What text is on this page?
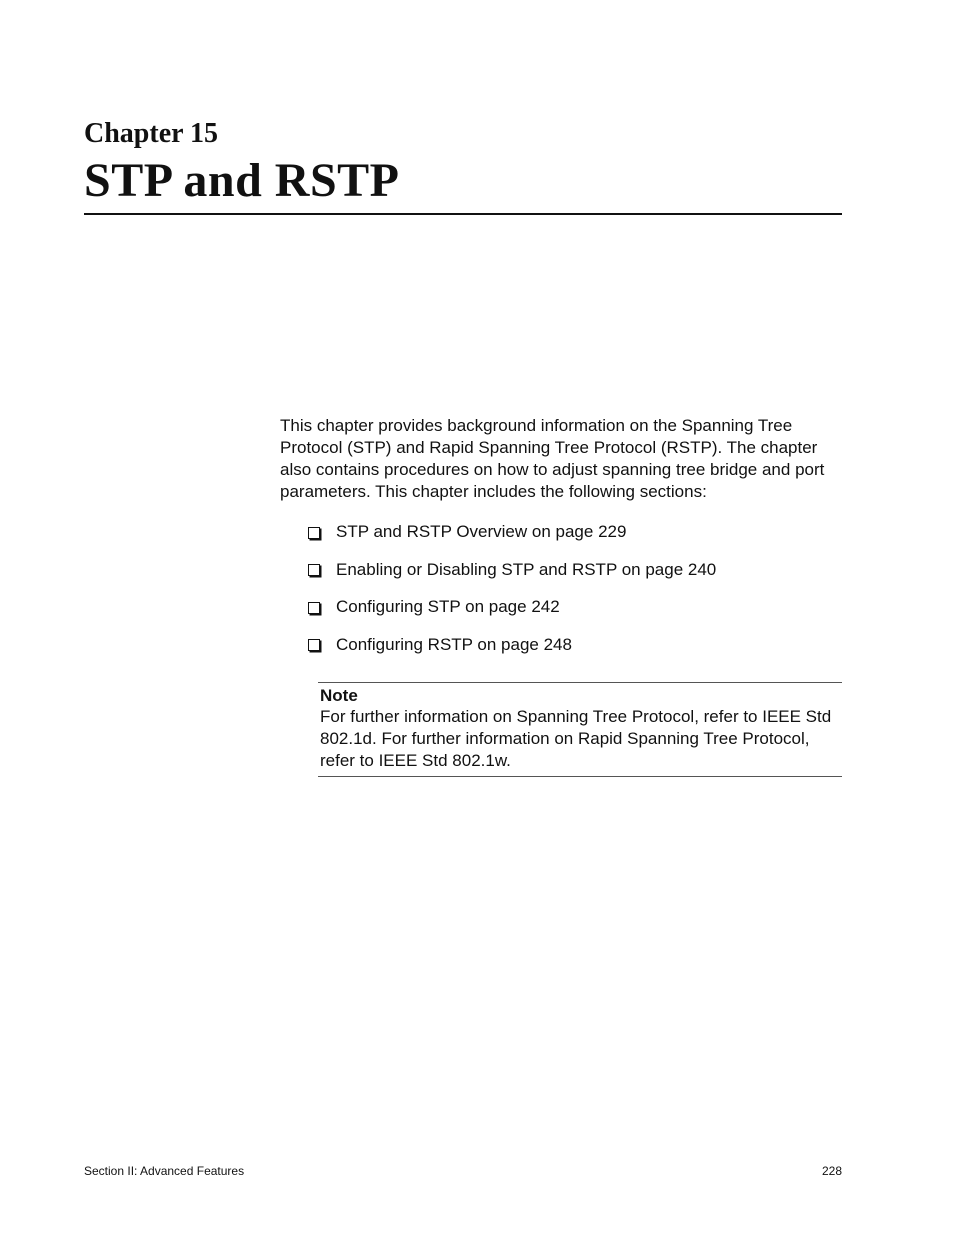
Chapter 15
STP and RSTP

This chapter provides background information on the Spanning Tree Protocol (STP) and Rapid Spanning Tree Protocol (RSTP). The chapter also contains procedures on how to adjust spanning tree bridge and port parameters. This chapter includes the following sections:

STP and RSTP Overview on page 229
Enabling or Disabling STP and RSTP on page 240
Configuring STP on page 242
Configuring RSTP on page 248

Note

For further information on Spanning Tree Protocol, refer to IEEE Std 802.1d. For further information on Rapid Spanning Tree Protocol, refer to IEEE Std 802.1w.

Section II: Advanced Features	228
